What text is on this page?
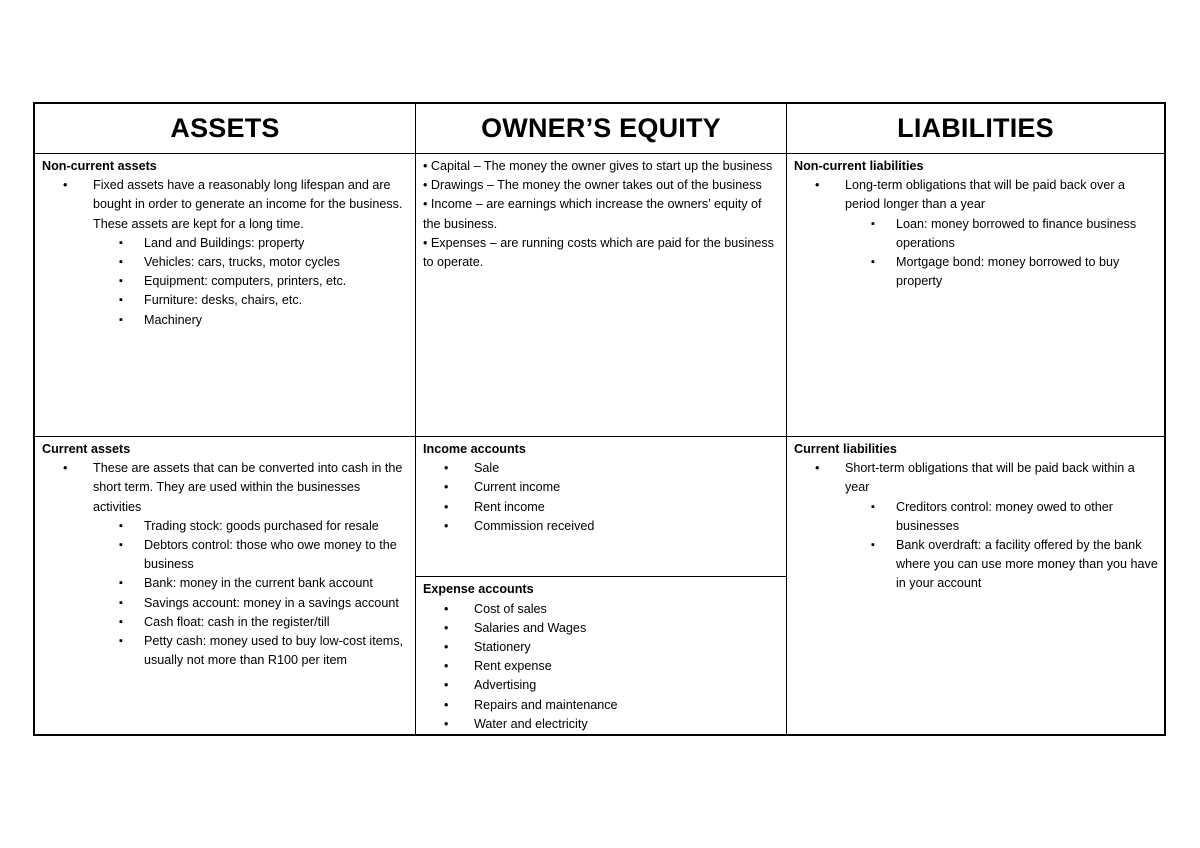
ASSETS	OWNER’S EQUITY	LIABILITIES
Non-current assets
• Fixed assets have a reasonably long lifespan and are bought in order to generate an income for the business. These assets are kept for a long time.
▪ Land and Buildings: property
▪ Vehicles: cars, trucks, motor cycles
▪ Equipment: computers, printers, etc.
▪ Furniture: desks, chairs, etc.
▪ Machinery
• Capital – The money the owner gives to start up the business
• Drawings – The money the owner takes out of the business
• Income – are earnings which increase the owners’ equity of the business.
• Expenses – are running costs which are paid for the business to operate.
Non-current liabilities
• Long-term obligations that will be paid back over a period longer than a year
▪ Loan: money borrowed to finance business operations
▪ Mortgage bond: money borrowed to buy property
Current assets
• These are assets that can be converted into cash in the short term. They are used within the businesses activities
▪ Trading stock: goods purchased for resale
▪ Debtors control: those who owe money to the business
▪ Bank: money in the current bank account
▪ Savings account: money in a savings account
▪ Cash float: cash in the register/till
▪ Petty cash: money used to buy low-cost items, usually not more than R100 per item
Income accounts
• Sale
• Current income
• Rent income
• Commission received
Expense accounts
• Cost of sales
• Salaries and Wages
• Stationery
• Rent expense
• Advertising
• Repairs and maintenance
• Water and electricity
Current liabilities
• Short-term obligations that will be paid back within a year
▪ Creditors control: money owed to other businesses
▪ Bank overdraft: a facility offered by the bank where you can use more money than you have in your account
